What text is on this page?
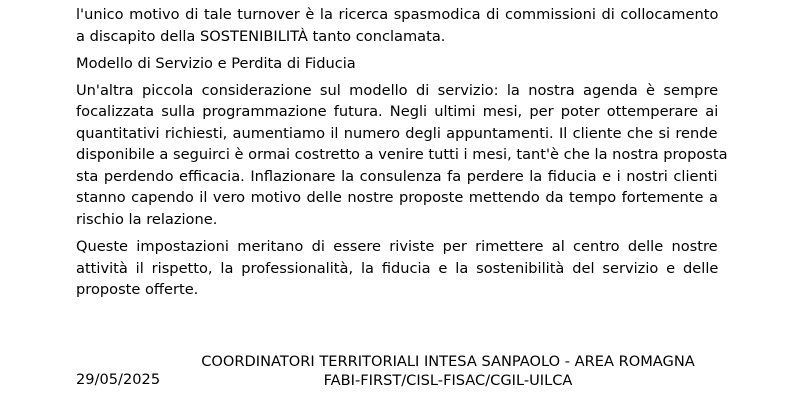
l'unico motivo di tale turnover è la ricerca spasmodica di commissioni di collocamento
a discapito della SOSTENIBILITÀ tanto conclamata.

Modello di Servizio e Perdita di Fiducia

Un'altra piccola considerazione sul modello di servizio: la nostra agenda è sempre
focalizzata sulla programmazione futura. Negli ultimi mesi, per poter ottemperare ai
quantitativi richiesti, aumentiamo il numero degli appuntamenti. Il cliente che si rende
disponibile a seguirci è ormai costretto a venire tutti i mesi, tant'è che la nostra proposta
sta perdendo efficacia. Inflazionare la consulenza fa perdere la fiducia e i nostri clienti
stanno capendo il vero motivo delle nostre proposte mettendo da tempo fortemente a
rischio la relazione.

Queste impostazioni meritano di essere riviste per rimettere al centro delle nostre
attività il rispetto, la professionalità, la fiducia e la sostenibilità del servizio e delle
proposte offerte.

29/05/2025
COORDINATORI TERRITORIALI INTESA SANPAOLO - AREA ROMAGNA
FABI-FIRST/CISL-FISAC/CGIL-UILCA
